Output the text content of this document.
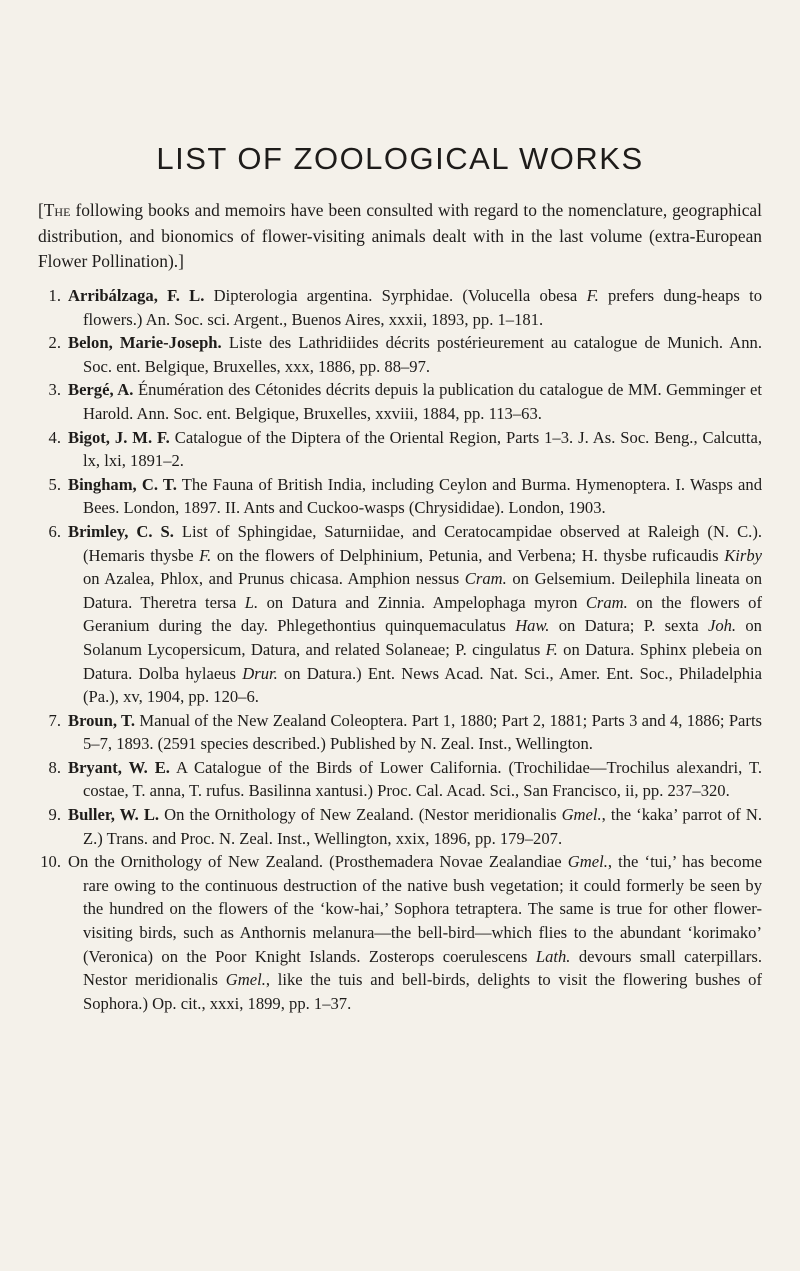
LIST OF ZOOLOGICAL WORKS

[The following books and memoirs have been consulted with regard to the nomenclature, geographical distribution, and bionomics of flower-visiting animals dealt with in the last volume (extra-European Flower Pollination).]

1. Arribálzaga, F. L. Dipterologia argentina. Syrphidae. (Volucella obesa F. prefers dung-heaps to flowers.) An. Soc. sci. Argent., Buenos Aires, xxxii, 1893, pp. 1–181.
2. Belon, Marie-Joseph. Liste des Lathridiides décrits postérieurement au catalogue de Munich. Ann. Soc. ent. Belgique, Bruxelles, xxx, 1886, pp. 88–97.
3. Bergé, A. Énumération des Cétonides décrits depuis la publication du catalogue de MM. Gemminger et Harold. Ann. Soc. ent. Belgique, Bruxelles, xxviii, 1884, pp. 113–63.
4. Bigot, J. M. F. Catalogue of the Diptera of the Oriental Region, Parts 1–3. J. As. Soc. Beng., Calcutta, lx, lxi, 1891–2.
5. Bingham, C. T. The Fauna of British India, including Ceylon and Burma. Hymenoptera. I. Wasps and Bees. London, 1897. II. Ants and Cuckoo-wasps (Chrysididae). London, 1903.
6. Brimley, C. S. List of Sphingidae, Saturniidae, and Ceratocampidae observed at Raleigh (N. C.). (Hemaris thysbe F. on the flowers of Delphinium, Petunia, and Verbena; H. thysbe ruficaudis Kirby on Azalea, Phlox, and Prunus chicasa. Amphion nessus Cram. on Gelsemium. Deilephila lineata on Datura. Theretra tersa L. on Datura and Zinnia. Ampelophaga myron Cram. on the flowers of Geranium during the day. Phlegethontius quinquemaculatus Haw. on Datura; P. sexta Joh. on Solanum Lycopersicum, Datura, and related Solaneae; P. cingulatus F. on Datura. Sphinx plebeia on Datura. Dolba hylaeus Drur. on Datura.) Ent. News Acad. Nat. Sci., Amer. Ent. Soc., Philadelphia (Pa.), xv, 1904, pp. 120–6.
7. Broun, T. Manual of the New Zealand Coleoptera. Part 1, 1880; Part 2, 1881; Parts 3 and 4, 1886; Parts 5–7, 1893. (2591 species described.) Published by N. Zeal. Inst., Wellington.
8. Bryant, W. E. A Catalogue of the Birds of Lower California. (Trochilidae—Trochilus alexandri, T. costae, T. anna, T. rufus. Basilinna xantusi.) Proc. Cal. Acad. Sci., San Francisco, ii, pp. 237–320.
9. Buller, W. L. On the Ornithology of New Zealand. (Nestor meridionalis Gmel., the ‘kaka’ parrot of N. Z.) Trans. and Proc. N. Zeal. Inst., Wellington, xxix, 1896, pp. 179–207.
10. On the Ornithology of New Zealand. (Prosthemadera Novae Zealandiae Gmel., the ‘tui,’ has become rare owing to the continuous destruction of the native bush vegetation; it could formerly be seen by the hundred on the flowers of the ‘kow-hai,’ Sophora tetraptera. The same is true for other flower-visiting birds, such as Anthornis melanura—the bell-bird—which flies to the abundant ‘korimako’ (Veronica) on the Poor Knight Islands. Zosterops coerulescens Lath. devours small caterpillars. Nestor meridionalis Gmel., like the tuis and bell-birds, delights to visit the flowering bushes of Sophora.) Op. cit., xxxi, 1899, pp. 1–37.
